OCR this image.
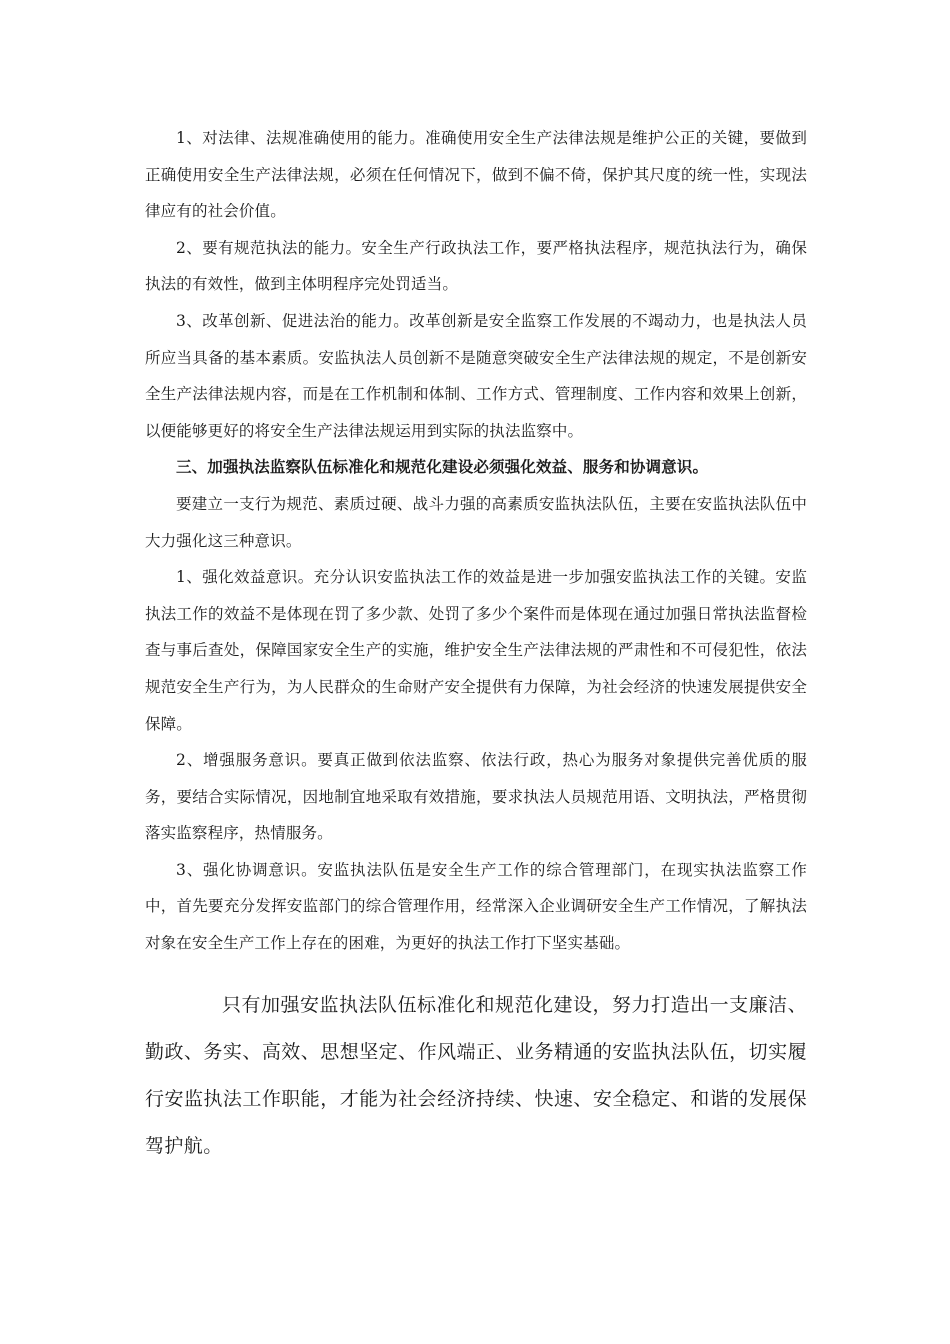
1、对法律、法规准确使用的能力。准确使用安全生产法律法规是维护公正的关键，要做到正确使用安全生产法律法规，必须在任何情况下，做到不偏不倚，保护其尺度的统一性，实现法律应有的社会价值。

2、要有规范执法的能力。安全生产行政执法工作，要严格执法程序，规范执法行为，确保执法的有效性，做到主体明程序完处罚适当。

3、改革创新、促进法治的能力。改革创新是安全监察工作发展的不竭动力，也是执法人员所应当具备的基本素质。安监执法人员创新不是随意突破安全生产法律法规的规定，不是创新安全生产法律法规内容，而是在工作机制和体制、工作方式、管理制度、工作内容和效果上创新，以便能够更好的将安全生产法律法规运用到实际的执法监察中。

三、加强执法监察队伍标准化和规范化建设必须强化效益、服务和协调意识。

要建立一支行为规范、素质过硬、战斗力强的高素质安监执法队伍，主要在安监执法队伍中大力强化这三种意识。

1、强化效益意识。充分认识安监执法工作的效益是进一步加强安监执法工作的关键。安监执法工作的效益不是体现在罚了多少款、处罚了多少个案件而是体现在通过加强日常执法监督检查与事后查处，保障国家安全生产的实施，维护安全生产法律法规的严肃性和不可侵犯性，依法规范安全生产行为，为人民群众的生命财产安全提供有力保障，为社会经济的快速发展提供安全保障。

2、增强服务意识。要真正做到依法监察、依法行政，热心为服务对象提供完善优质的服务，要结合实际情况，因地制宜地采取有效措施，要求执法人员规范用语、文明执法，严格贯彻落实监察程序，热情服务。

3、强化协调意识。安监执法队伍是安全生产工作的综合管理部门，在现实执法监察工作中，首先要充分发挥安监部门的综合管理作用，经常深入企业调研安全生产工作情况，了解执法对象在安全生产工作上存在的困难，为更好的执法工作打下坚实基础。

只有加强安监执法队伍标准化和规范化建设，努力打造出一支廉洁、勤政、务实、高效、思想坚定、作风端正、业务精通的安监执法队伍，切实履行安监执法工作职能，才能为社会经济持续、快速、安全稳定、和谐的发展保驾护航。
